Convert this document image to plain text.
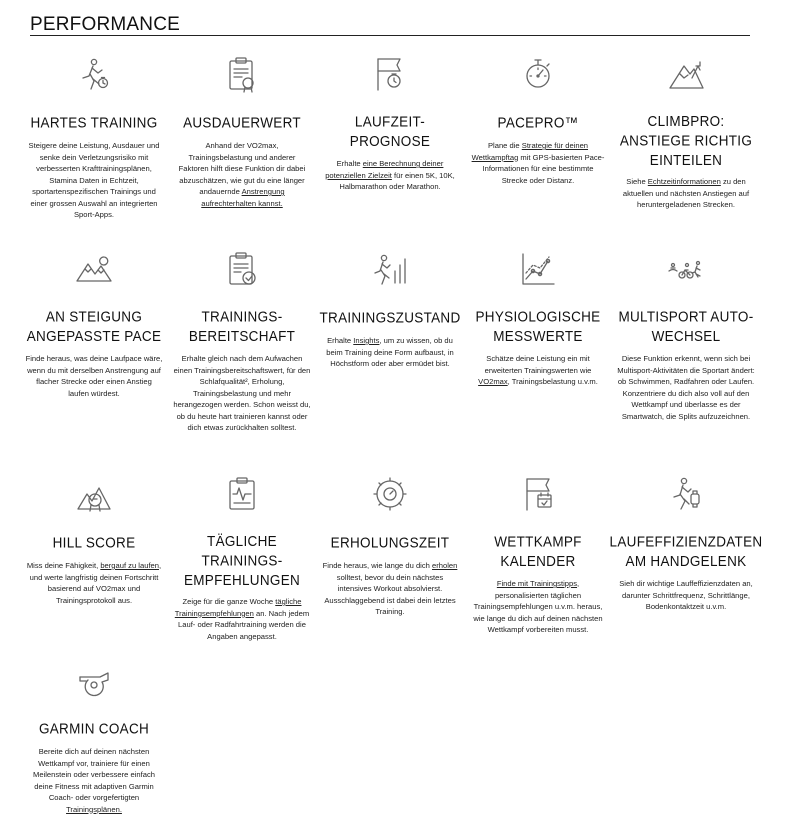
PERFORMANCE
HARTES TRAINING

Steigere deine Leistung, Ausdauer und senke dein Verletzungsrisiko mit verbesserten Krafttrainingsplänen, Stamina Daten in Echtzeit, sportartenspezifischen Trainings und einer grossen Auswahl an integrierten Sport-Apps.

AUSDAUERWERT

Anhand der VO2max, Trainingsbelastung und anderer Faktoren hilft diese Funktion dir dabei abzuschätzen, wie gut du eine länger andauernde Anstrengung aufrechterhalten kannst.

LAUFZEIT-PROGNOSE

Erhalte eine Berechnung deiner potenziellen Zielzeit für einen 5K, 10K, Halbmarathon oder Marathon.

PACEPRO™

Plane die Strategie für deinen Wettkampftag mit GPS-basierten Pace-Informationen für eine bestimmte Strecke oder Distanz.

CLIMBPRO: ANSTIEGE RICHTIG EINTEILEN

Siehe Echtzeitinformationen zu den aktuellen und nächsten Anstiegen auf heruntergeladenen Strecken.

AN STEIGUNG ANGEPASSTE PACE

Finde heraus, was deine Laufpace wäre, wenn du mit derselben Anstrengung auf flacher Strecke oder einen Anstieg laufen würdest.

TRAININGS-BEREITSCHAFT

Erhalte gleich nach dem Aufwachen einen Trainingsbereitschaftswert, für den Schlafqualität², Erholung, Trainingsbelastung und mehr herangezogen werden. Schon weisst du, ob du heute hart trainieren kannst oder dich etwas zurückhalten solltest.

TRAININGSZUSTAND

Erhalte Insights, um zu wissen, ob du beim Training deine Form aufbaust, in Höchstform oder aber ermüdet bist.

PHYSIOLOGISCHE MESSWERTE

Schätze deine Leistung ein mit erweiterten Trainingswerten wie VO2max, Trainingsbelastung u.v.m.

MULTISPORT AUTO-WECHSEL

Diese Funktion erkennt, wenn sich bei Multisport-Aktivitäten die Sportart ändert: ob Schwimmen, Radfahren oder Laufen. Konzentriere du dich also voll auf den Wettkampf und überlasse es der Smartwatch, die Splits aufzuzeichnen.

HILL SCORE

Miss deine Fähigkeit, bergauf zu laufen, und werte langfristig deinen Fortschritt basierend auf VO2max und Trainingsprotokoll aus.

TÄGLICHE TRAININGS-EMPFEHLUNGEN

Zeige für die ganze Woche tägliche Trainingsempfehlungen an. Nach jedem Lauf- oder Radfahrtraining werden die Angaben angepasst.

ERHOLUNGSZEIT

Finde heraus, wie lange du dich erholen solltest, bevor du dein nächstes intensives Workout absolvierst. Ausschlaggebend ist dabei dein letztes Training.

WETTKAMPF KALENDER

Finde mit Trainingstipps, personalisierten täglichen Trainingsempfehlungen u.v.m. heraus, wie lange du dich auf deinen nächsten Wettkampf vorbereiten musst.

LAUFEFFIZIENZDATEN AM HANDGELENK

Sieh dir wichtige Lauffeffizienzdaten an, darunter Schrittfrequenz, Schrittlänge, Bodenkontaktzeit u.v.m.

GARMIN COACH

Bereite dich auf deinen nächsten Wettkampf vor, trainiere für einen Meilenstein oder verbessere einfach deine Fitness mit adaptiven Garmin Coach- oder vorgefertigten Trainingsplänen.
